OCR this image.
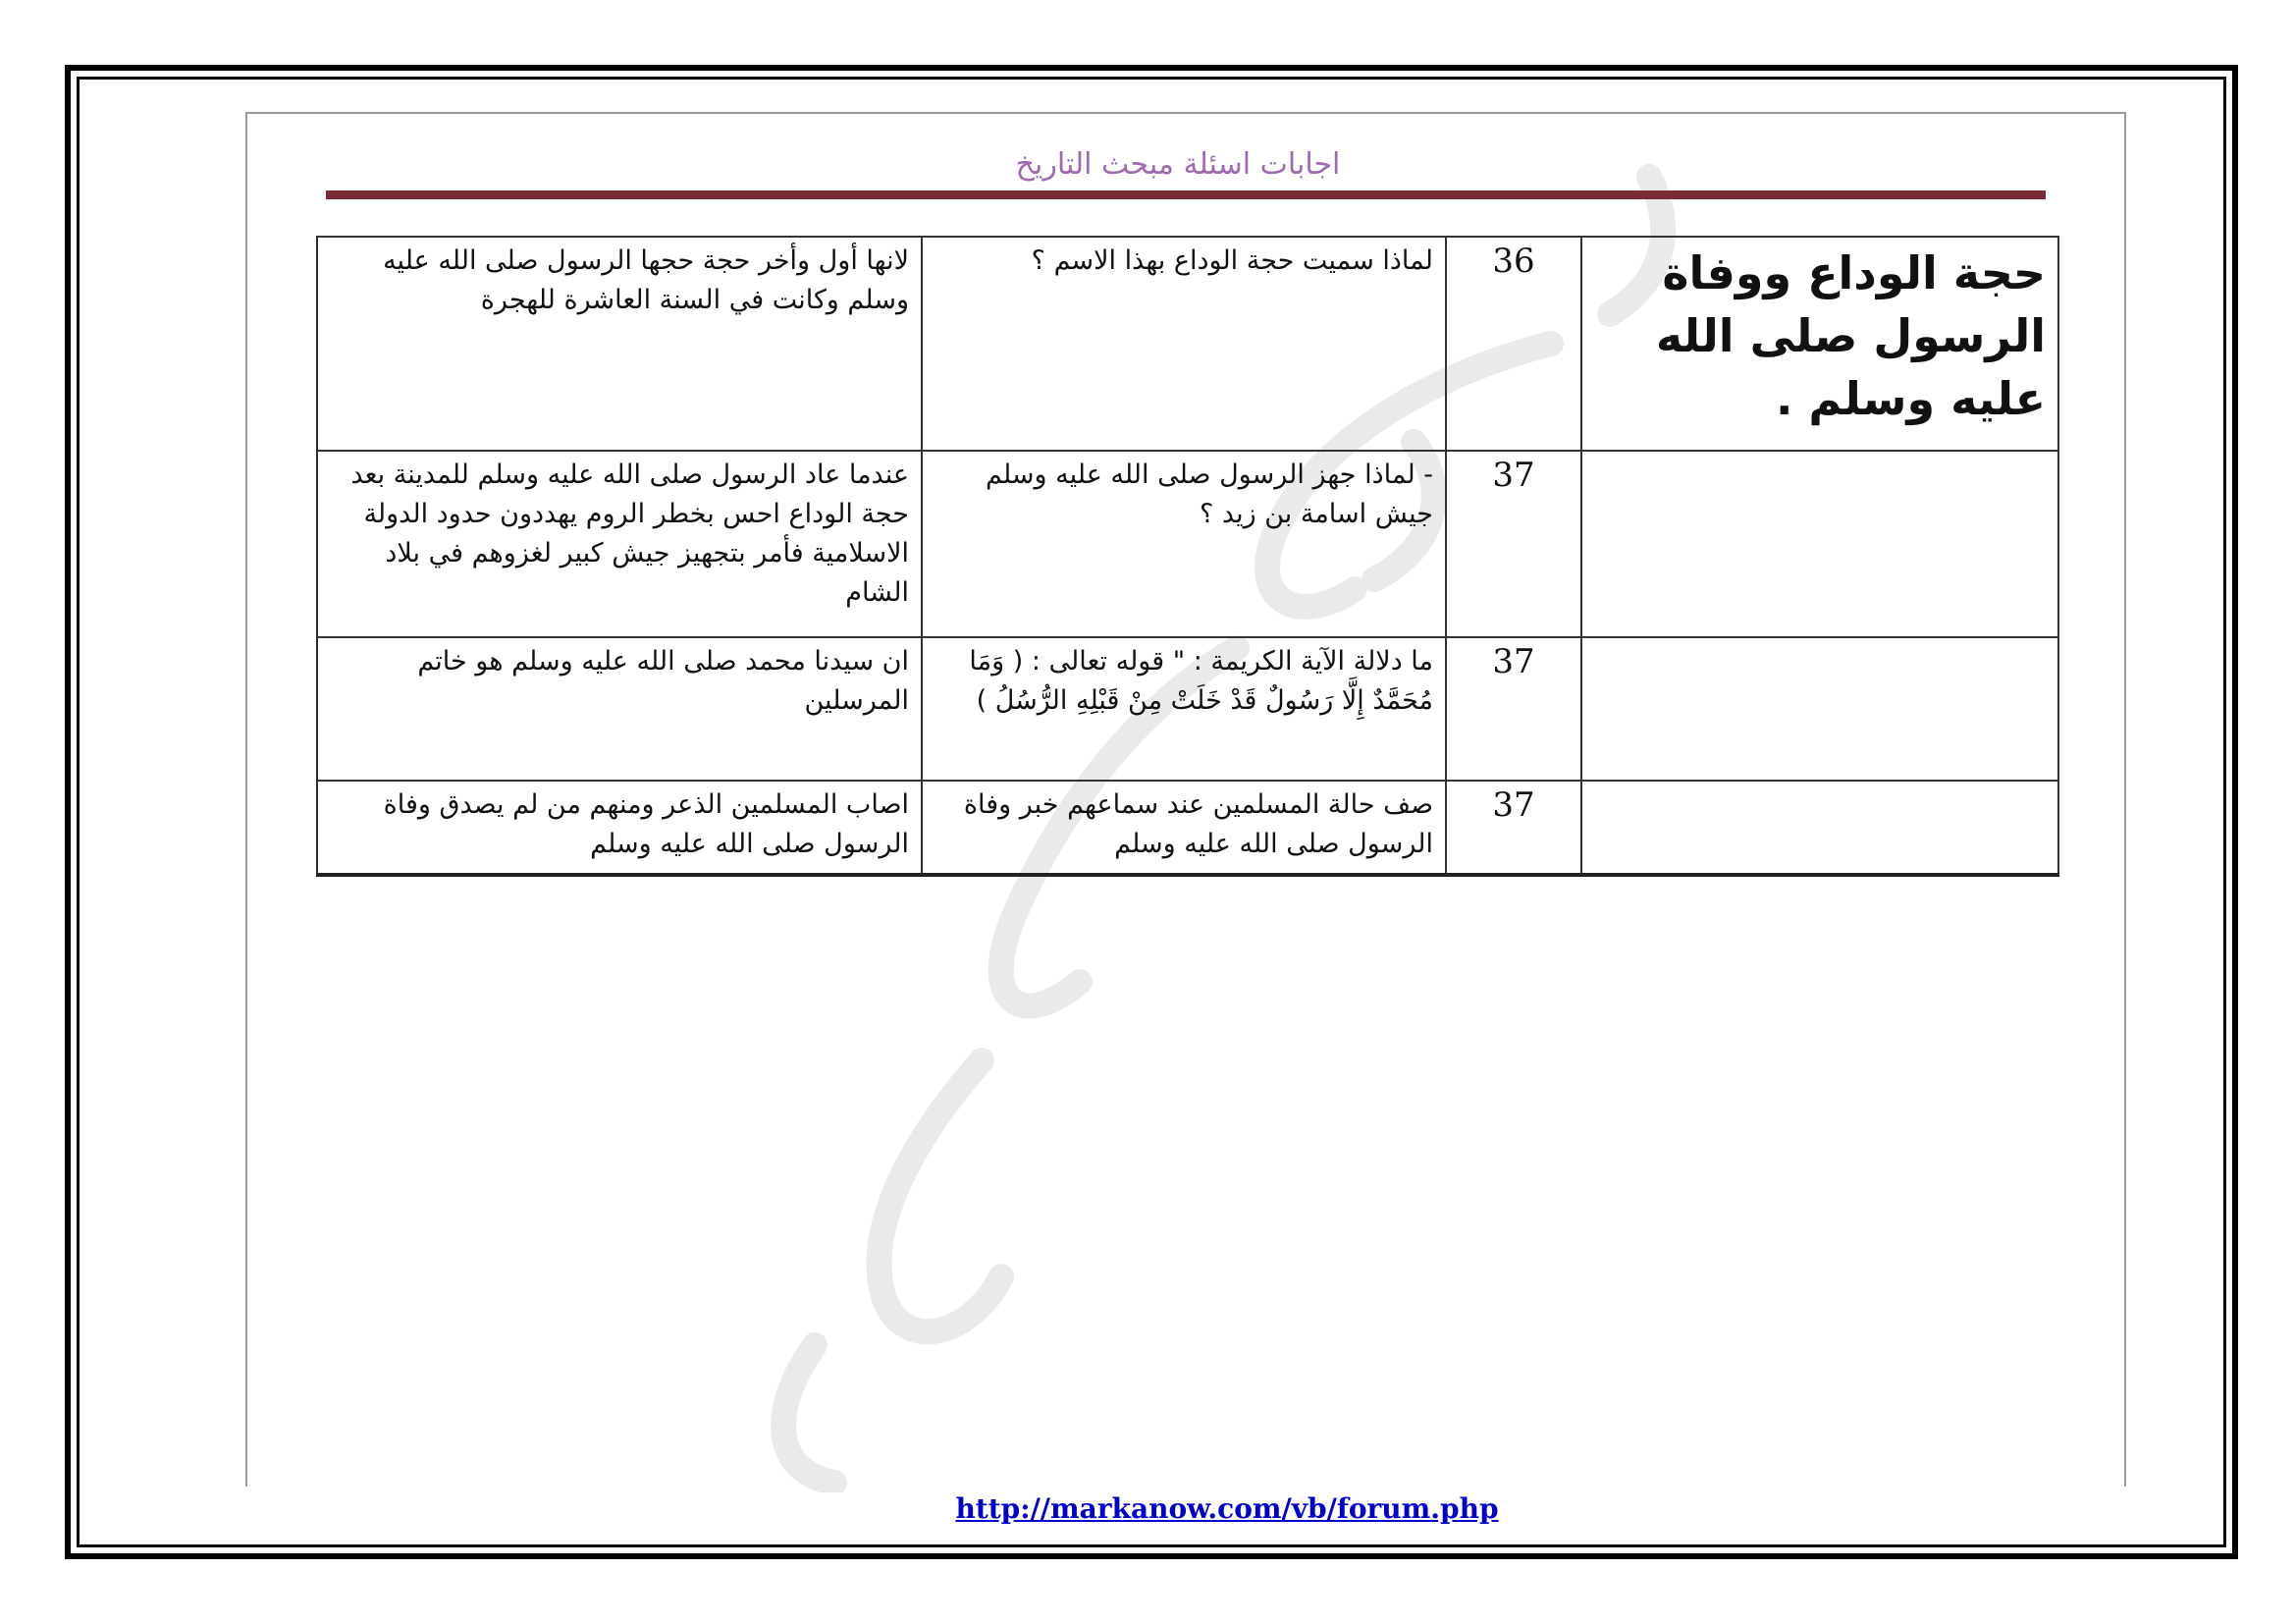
اجابات اسئلة مبحث التاريخ
حجة الوداع ووفاة الرسول صلى الله عليه وسلم .	36	لماذا سميت حجة الوداع بهذا الاسم ؟	لانها أول وأخر حجة حجها الرسول صلى الله عليه وسلم وكانت في السنة العاشرة للهجرة
	37	- لماذا جهز الرسول صلى الله عليه وسلم جيش اسامة بن زيد ؟	عندما عاد الرسول صلى الله عليه وسلم للمدينة بعد حجة الوداع احس بخطر الروم يهددون حدود الدولة الاسلامية فأمر بتجهيز جيش كبير لغزوهم في بلاد الشام
	37	ما دلالة الآية الكريمة : " قوله تعالى : ( وَمَا مُحَمَّدٌ إِلَّا رَسُولٌ قَدْ خَلَتْ مِنْ قَبْلِهِ الرُّسُلُ )	ان سيدنا محمد صلى الله عليه وسلم هو خاتم المرسلين
	37	صف حالة المسلمين عند سماعهم خبر وفاة الرسول صلى الله عليه وسلم	اصاب المسلمين الذعر ومنهم من لم يصدق وفاة الرسول صلى الله عليه وسلم
http://markanow.com/vb/forum.php
